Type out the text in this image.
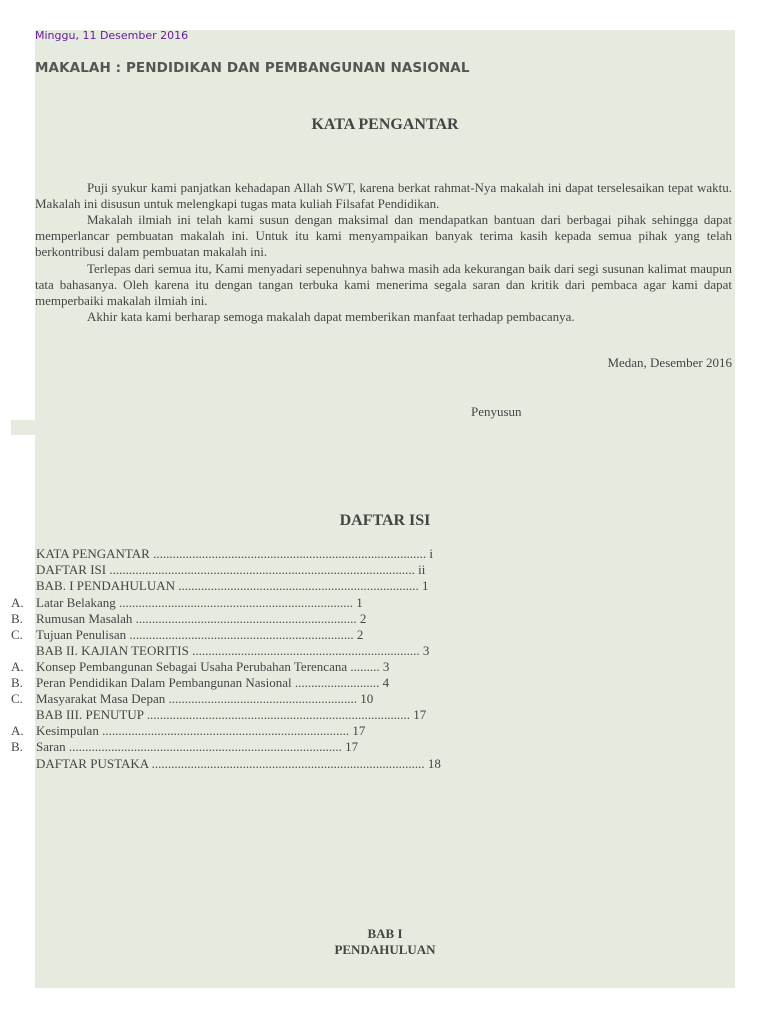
Minggu, 11 Desember 2016
MAKALAH : PENDIDIKAN DAN PEMBANGUNAN NASIONAL
KATA PENGANTAR

Puji syukur kami panjatkan kehadapan Allah SWT, karena berkat rahmat-Nya makalah ini dapat terselesaikan tepat waktu. Makalah ini disusun untuk melengkapi tugas mata kuliah Filsafat Pendidikan.

Makalah ilmiah ini telah kami susun dengan maksimal dan mendapatkan bantuan dari berbagai pihak sehingga dapat memperlancar pembuatan makalah ini. Untuk itu kami menyampaikan banyak terima kasih kepada semua pihak yang telah berkontribusi dalam pembuatan makalah ini.

Terlepas dari semua itu, Kami menyadari sepenuhnya bahwa masih ada kekurangan baik dari segi susunan kalimat maupun tata bahasanya. Oleh karena itu dengan tangan terbuka kami menerima segala saran dan kritik dari pembaca agar kami dapat memperbaiki makalah ilmiah ini.

Akhir kata kami berharap semoga makalah dapat memberikan manfaat terhadap pembacanya.

Medan, Desember 2016
Penyusun
DAFTAR ISI
KATA PENGANTAR .................................................................................... i
DAFTAR ISI .............................................................................................. ii
BAB. I PENDAHULUAN .......................................................................... 1
A. Latar Belakang ........................................................................ 1
B. Rumusan Masalah .................................................................... 2
C. Tujuan Penulisan ..................................................................... 2
BAB II. KAJIAN TEORITIS ...................................................................... 3
A. Konsep Pembangunan Sebagai Usaha Perubahan Terencana ......... 3
B. Peran Pendidikan Dalam Pembangunan Nasional .......................... 4
C. Masyarakat Masa Depan .......................................................... 10
BAB III. PENUTUP ................................................................................. 17
A. Kesimpulan ............................................................................ 17
B. Saran .................................................................................... 17
DAFTAR PUSTAKA .................................................................................... 18
BAB I
PENDAHULUAN
